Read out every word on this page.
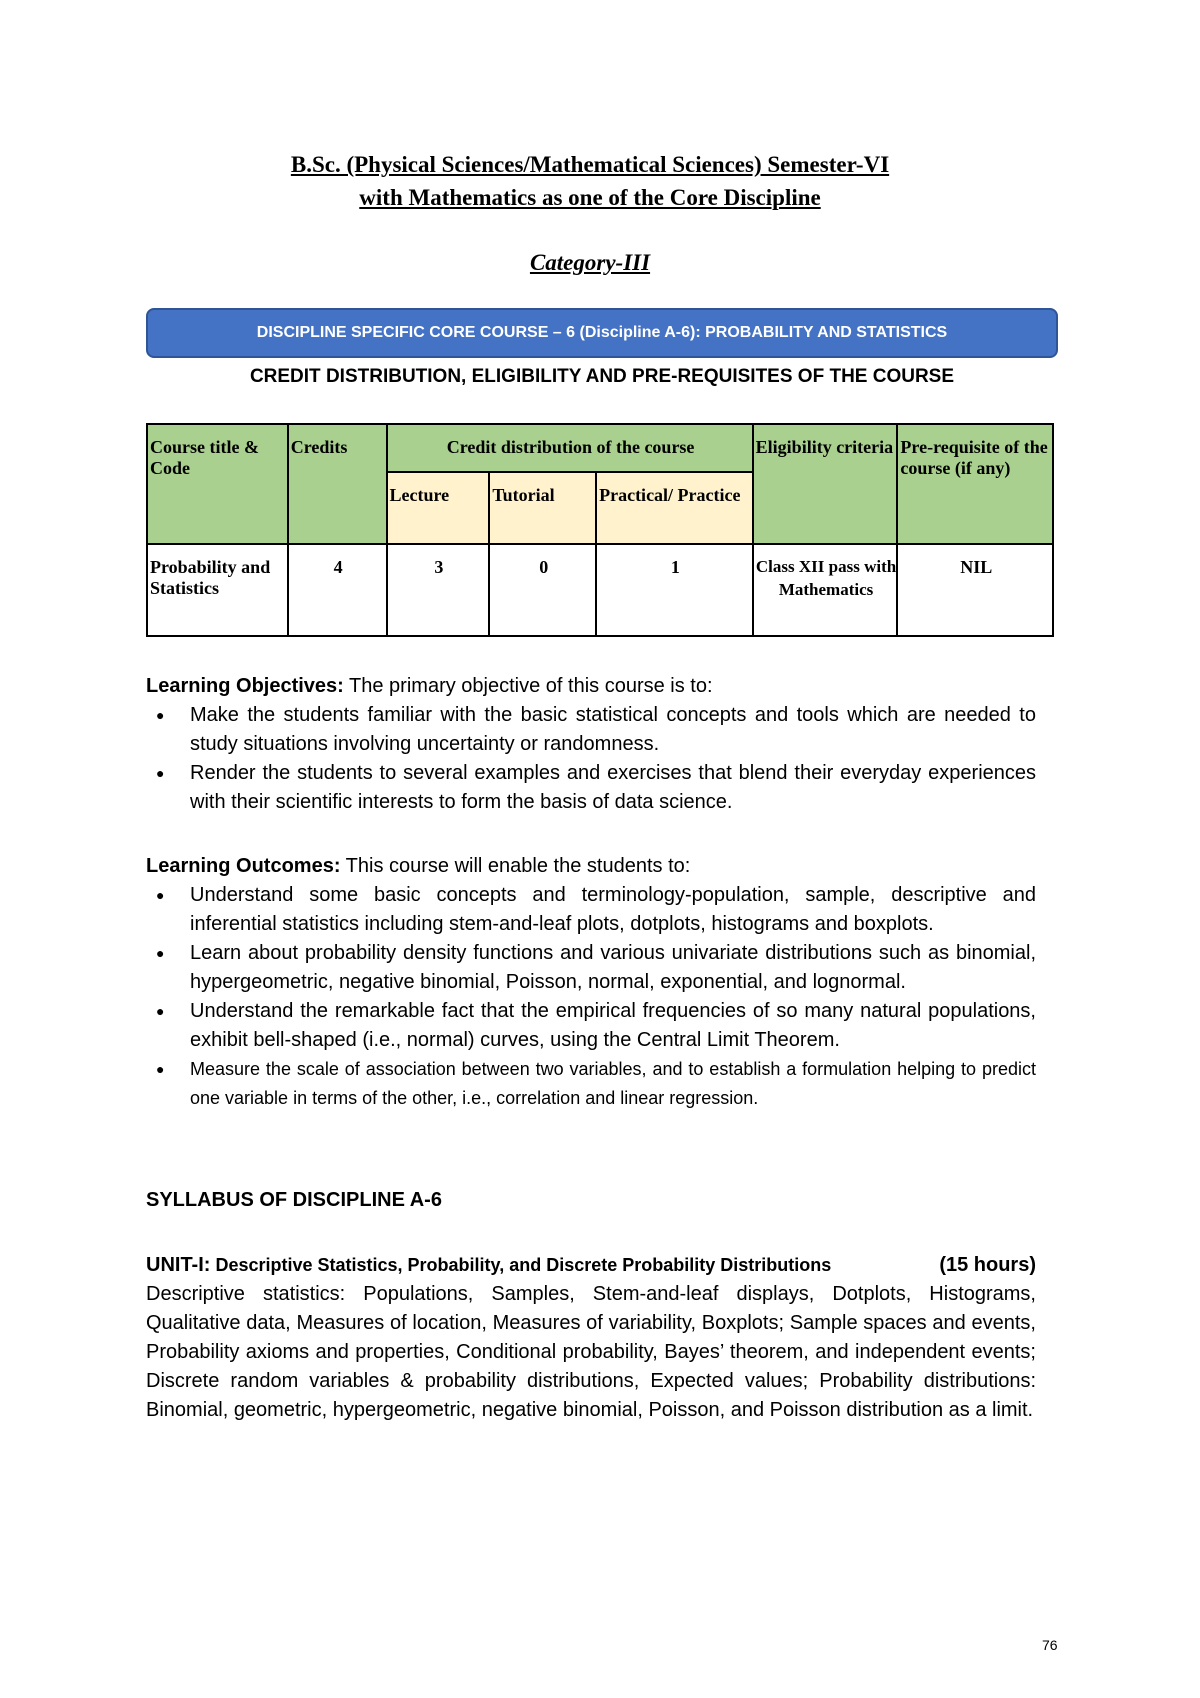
B.Sc. (Physical Sciences/Mathematical Sciences) Semester-VI
with Mathematics as one of the Core Discipline
Category-III
DISCIPLINE SPECIFIC CORE COURSE – 6 (Discipline A-6): PROBABILITY AND STATISTICS
CREDIT DISTRIBUTION, ELIGIBILITY AND PRE-REQUISITES OF THE COURSE
Course title & Code	Credits	Credit distribution of the course			Eligibility criteria	Pre-requisite of the course (if any)
		Lecture	Tutorial	Practical/ Practice		
Probability and Statistics	4	3	0	1	Class XII pass with Mathematics	NIL

Learning Objectives: The primary objective of this course is to:

● Make the students familiar with the basic statistical concepts and tools which are needed to study situations involving uncertainty or randomness.
● Render the students to several examples and exercises that blend their everyday experiences with their scientific interests to form the basis of data science.

Learning Outcomes: This course will enable the students to:

● Understand some basic concepts and terminology-population, sample, descriptive and inferential statistics including stem-and-leaf plots, dotplots, histograms and boxplots.
● Learn about probability density functions and various univariate distributions such as binomial, hypergeometric, negative binomial, Poisson, normal, exponential, and lognormal.
● Understand the remarkable fact that the empirical frequencies of so many natural populations, exhibit bell-shaped (i.e., normal) curves, using the Central Limit Theorem.
● Measure the scale of association between two variables, and to establish a formulation helping to predict one variable in terms of the other, i.e., correlation and linear regression.
SYLLABUS OF DISCIPLINE A-6
UNIT-I: Descriptive Statistics, Probability, and Discrete Probability Distributions	(15 hours)
Descriptive statistics: Populations, Samples, Stem-and-leaf displays, Dotplots, Histograms, Qualitative data, Measures of location, Measures of variability, Boxplots; Sample spaces and events, Probability axioms and properties, Conditional probability, Bayes’ theorem, and independent events; Discrete random variables & probability distributions, Expected values; Probability distributions: Binomial, geometric, hypergeometric, negative binomial, Poisson, and Poisson distribution as a limit.
76
